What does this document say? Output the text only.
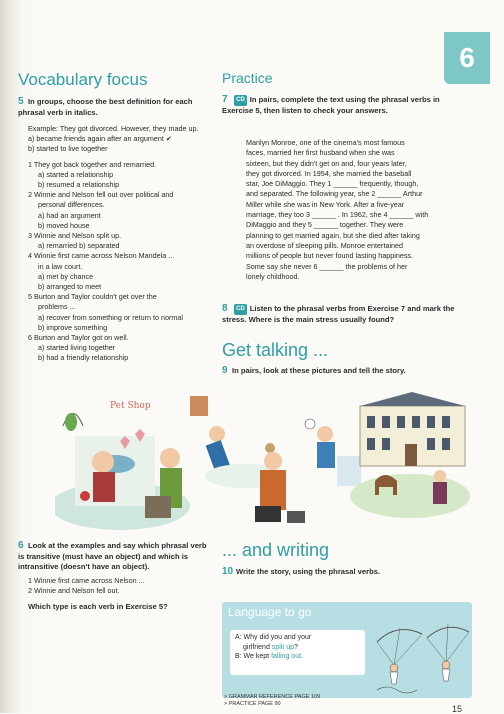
6
Vocabulary focus
5 In groups, choose the best definition for each phrasal verb in italics.
Example: They got divorced. However, they made up.
a) became friends again after an argument ✔
b) started to live together
1 They got back together and remarried.
a) started a relationship
b) resumed a relationship
2 Winnie and Nelson fell out over political and
personal differences.
a) had an argument
b) moved house
3 Winnie and Nelson split up.
a) remarried b) separated
4 Winnie first came across Nelson Mandela ...
in a law court.
a) met by chance
b) arranged to meet
5 Burton and Taylor couldn't get over the
problems ...
a) recover from something or return to normal
b) improve something
6 Burton and Taylor got on well.
a) started living together
b) had a friendly relationship
Practice
7 CD In pairs, complete the text using the phrasal verbs in Exercise 5, then listen to check your answers.
Marilyn Monroe, one of the cinema's most famous
faces, married her first husband when she was
sixteen, but they didn't get on and, four years later,
they got divorced. In 1954, she married the baseball
star, Joe DiMaggio. They 1 ______ frequently, though,
and separated. The following year, she 2 ______ Arthur
Miller while she was in New York. After a five-year
marriage, they too 3 ______ . In 1962, she 4 ______ with
DiMaggio and they 5 ______ together. They were
planning to get married again, but she died after taking
an overdose of sleeping pills. Monroe entertained
millions of people but never found lasting happiness.
Some say she never 6 ______ the problems of her
lonely childhood.
8 CD Listen to the phrasal verbs from Exercise 7 and mark the stress. Where is the main stress usually found?
Get talking ...
9 In pairs, look at these pictures and tell the story.
Pet Shop
6 Look at the examples and say which phrasal verb is transitive (must have an object) and which is intransitive (doesn't have an object).
1 Winnie first came across Nelson ...
2 Winnie and Nelson fell out.
Which type is each verb in Exercise 5?
... and writing
10 Write the story, using the phrasal verbs.
Language to go
A: Why did you and your
girlfriend split up?
B: We kept falling out.
> GRAMMAR REFERENCE PAGE 109
> PRACTICE PAGE 90	15
